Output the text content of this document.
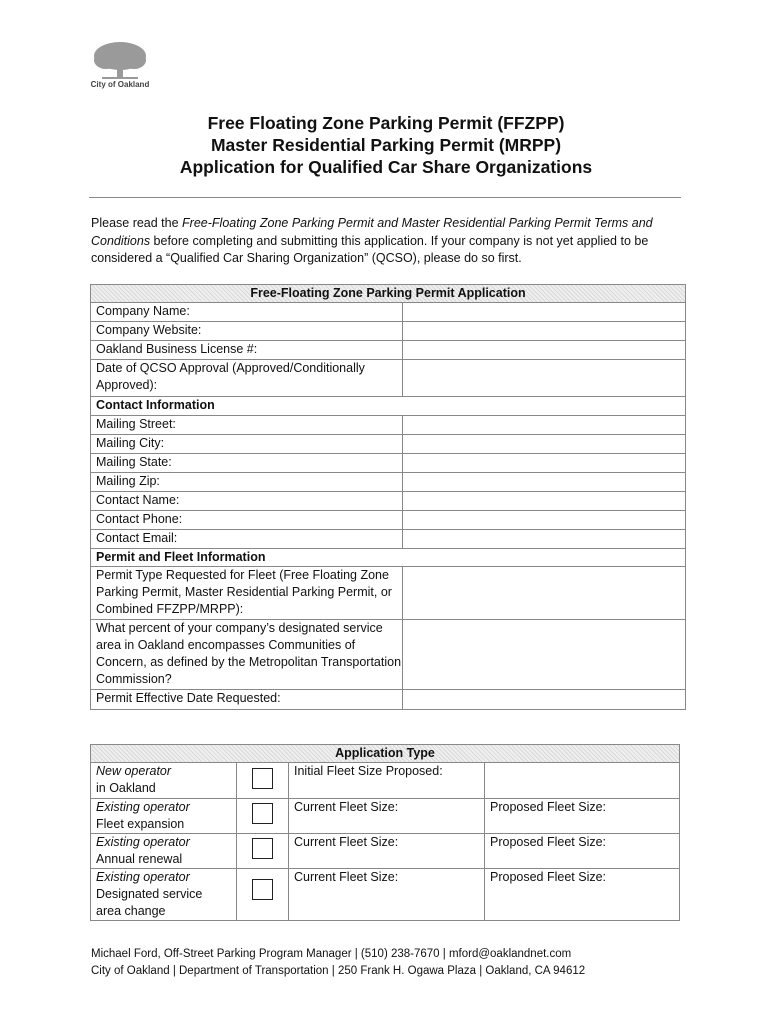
City of Oakland
Free Floating Zone Parking Permit (FFZPP)
Master Residential Parking Permit (MRPP)
Application for Qualified Car Share Organizations
Please read the Free-Floating Zone Parking Permit and Master Residential Parking Permit Terms and Conditions before completing and submitting this application. If your company is not yet applied to be considered a “Qualified Car Sharing Organization” (QCSO), please do so first.
Free-Floating Zone Parking Permit Application	
Company Name:	
Company Website:	
Oakland Business License #:	
Date of QCSO Approval (Approved/Conditionally Approved):	
Contact Information	
Mailing Street:	
Mailing City:	
Mailing State:	
Mailing Zip:	
Contact Name:	
Contact Phone:	
Contact Email:	
Permit and Fleet Information	
Permit Type Requested for Fleet (Free Floating Zone Parking Permit, Master Residential Parking Permit, or Combined FFZPP/MRPP):	
What percent of your company’s designated service area in Oakland encompasses Communities of Concern, as defined by the Metropolitan Transportation Commission?	
Permit Effective Date Requested:	
Application Type			
New operator
in Oakland		Initial Fleet Size Proposed:	
Existing operator
Fleet expansion		Current Fleet Size:	Proposed Fleet Size:
Existing operator
Annual renewal		Current Fleet Size:	Proposed Fleet Size:
Existing operator
Designated service area change		Current Fleet Size:	Proposed Fleet Size:
Michael Ford, Off-Street Parking Program Manager | (510) 238-7670 | mford@oaklandnet.com
City of Oakland | Department of Transportation | 250 Frank H. Ogawa Plaza | Oakland, CA 94612
